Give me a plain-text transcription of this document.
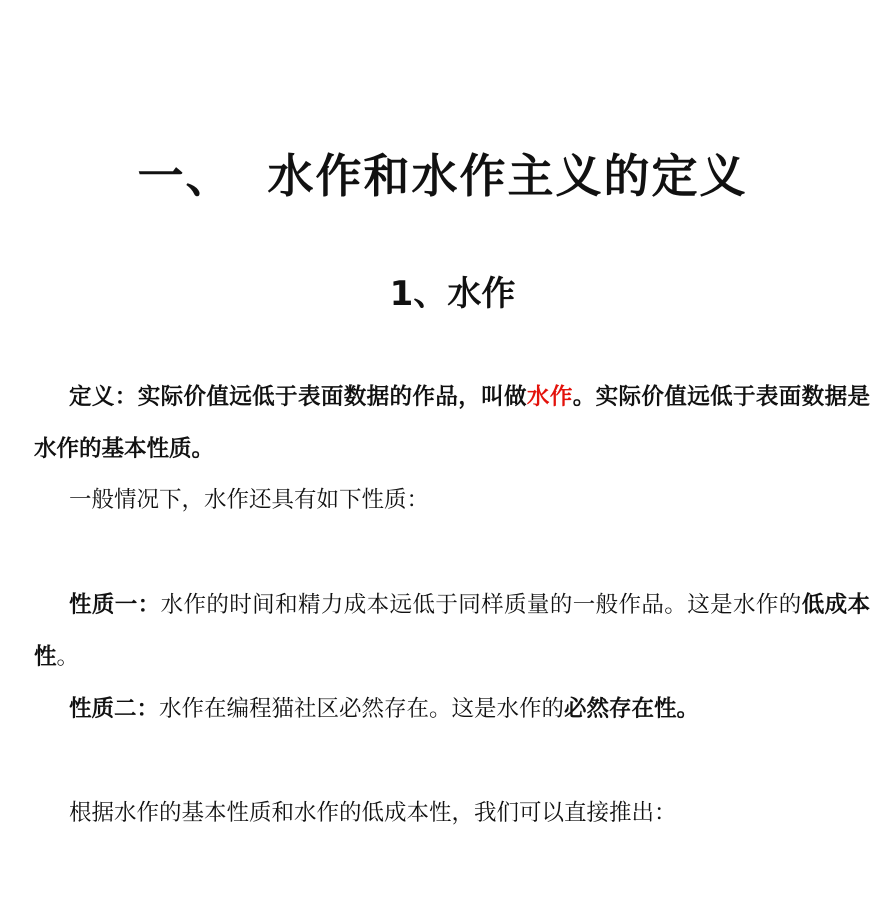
一、 水作和水作主义的定义
1、水作
定义：实际价值远低于表面数据的作品，叫做水作。实际价值远低于表面数据是水作的基本性质。
一般情况下，水作还具有如下性质：
性质一：水作的时间和精力成本远低于同样质量的一般作品。这是水作的低成本性。
性质二：水作在编程猫社区必然存在。这是水作的必然存在性。
根据水作的基本性质和水作的低成本性，我们可以直接推出：
